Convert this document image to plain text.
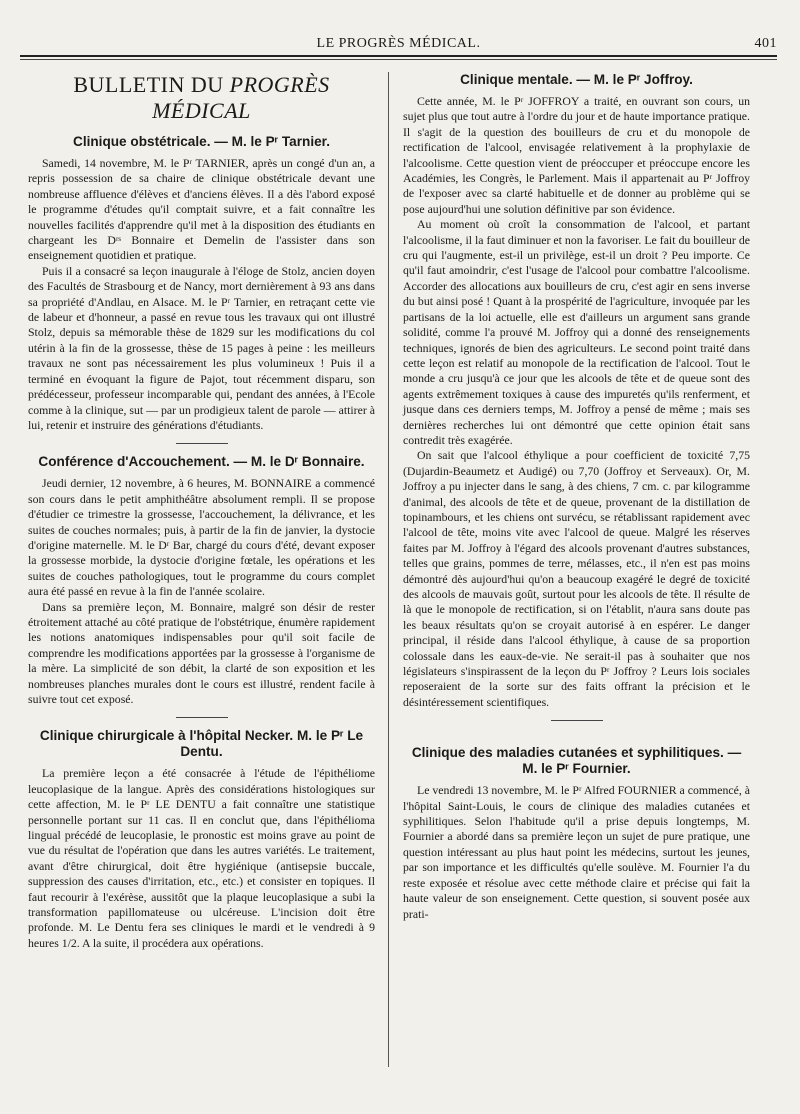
LE PROGRÈS MÉDICAL.	401
BULLETIN DU PROGRÈS MÉDICAL
Clinique obstétricale. — M. le Pʳ Tarnier.

Samedi, 14 novembre, M. le Pʳ TARNIER, après un congé d'un an, a repris possession de sa chaire de clinique obstétricale devant une nombreuse affluence d'élèves et d'anciens élèves. Il a dès l'abord exposé le programme d'études qu'il comptait suivre, et a fait connaître les nouvelles facilités d'apprendre qu'il met à la disposition des étudiants en chargeant les Dʳˢ Bonnaire et Demelin de l'assister dans son enseignement quotidien et pratique.

Puis il a consacré sa leçon inaugurale à l'éloge de Stolz, ancien doyen des Facultés de Strasbourg et de Nancy, mort dernièrement à 93 ans dans sa propriété d'Andlau, en Alsace. M. le Pʳ Tarnier, en retraçant cette vie de labeur et d'honneur, a passé en revue tous les travaux qui ont illustré Stolz, depuis sa mémorable thèse de 1829 sur les modifications du col utérin à la fin de la grossesse, thèse de 15 pages à peine : les meilleurs travaux ne sont pas nécessairement les plus volumineux ! Puis il a terminé en évoquant la figure de Pajot, tout récemment disparu, son prédécesseur, professeur incomparable qui, pendant des années, à l'Ecole comme à la clinique, sut — par un prodigieux talent de parole — attirer à lui, retenir et instruire des générations d'étudiants.

Conférence d'Accouchement. — M. le Dʳ Bonnaire.

Jeudi dernier, 12 novembre, à 6 heures, M. BONNAIRE a commencé son cours dans le petit amphithéâtre absolument rempli. Il se propose d'étudier ce trimestre la grossesse, l'accouchement, la délivrance, et les suites de couches normales; puis, à partir de la fin de janvier, la dystocie d'origine maternelle. M. le Dʳ Bar, chargé du cours d'été, devant exposer la grossesse morbide, la dystocie d'origine fœtale, les opérations et les suites de couches pathologiques, tout le programme du cours complet aura été passé en revue à la fin de l'année scolaire.

Dans sa première leçon, M. Bonnaire, malgré son désir de rester étroitement attaché au côté pratique de l'obstétrique, énumère rapidement les notions anatomiques indispensables pour qu'il soit facile de comprendre les modifications apportées par la grossesse à l'organisme de la mère. La simplicité de son débit, la clarté de son exposition et les nombreuses planches murales dont le cours est illustré, rendent facile à suivre tout cet exposé.

Clinique chirurgicale à l'hôpital Necker. M. le Pʳ Le Dentu.

La première leçon a été consacrée à l'étude de l'épithéliome leucoplasique de la langue. Après des considérations histologiques sur cette affection, M. le Pʳ LE DENTU a fait connaître une statistique personnelle portant sur 11 cas. Il en conclut que, dans l'épithélioma lingual précédé de leucoplasie, le pronostic est moins grave au point de vue du résultat de l'opération que dans les autres variétés. Le traitement, avant d'être chirurgical, doit être hygiénique (antisepsie buccale, suppression des causes d'irritation, etc., etc.) et consister en topiques. Il faut recourir à l'exérèse, aussitôt que la plaque leucoplasique a subi la transformation papillomateuse ou ulcéreuse. L'incision doit être profonde. M. Le Dentu fera ses cliniques le mardi et le vendredi à 9 heures 1/2. A la suite, il procédera aux opérations.

Clinique mentale. — M. le Pʳ Joffroy.

Cette année, M. le Pʳ JOFFROY a traité, en ouvrant son cours, un sujet plus que tout autre à l'ordre du jour et de haute importance pratique. Il s'agit de la question des bouilleurs de cru et du monopole de rectification de l'alcool, envisagée relativement à la prophylaxie de l'alcoolisme. Cette question vient de préoccuper et préoccupe encore les Académies, les Congrès, le Parlement. Mais il appartenait au Pʳ Joffroy de l'exposer avec sa clarté habituelle et de donner au problème qui se pose aujourd'hui une solution définitive par son évidence.

Au moment où croît la consommation de l'alcool, et partant l'alcoolisme, il la faut diminuer et non la favoriser. Le fait du bouilleur de cru qui l'augmente, est-il un privilège, est-il un droit ? Peu importe. Ce qu'il faut amoindrir, c'est l'usage de l'alcool pour combattre l'alcoolisme. Accorder des allocations aux bouilleurs de cru, c'est agir en sens inverse du but ainsi posé ! Quant à la prospérité de l'agriculture, invoquée par les partisans de la loi actuelle, elle est d'ailleurs un argument sans grande solidité, comme l'a prouvé M. Joffroy qui a donné des renseignements techniques, ignorés de bien des agriculteurs. Le second point traité dans cette leçon est relatif au monopole de la rectification de l'alcool. Tout le monde a cru jusqu'à ce jour que les alcools de tête et de queue sont des agents extrêmement toxiques à cause des impuretés qu'ils renferment, et jusque dans ces derniers temps, M. Joffroy a pensé de même ; mais ses dernières recherches lui ont démontré que cette opinion était sans contredit très exagérée.

On sait que l'alcool éthylique a pour coefficient de toxicité 7,75 (Dujardin-Beaumetz et Audigé) ou 7,70 (Joffroy et Serveaux). Or, M. Joffroy a pu injecter dans le sang, à des chiens, 7 cm. c. par kilogramme d'animal, des alcools de tête et de queue, provenant de la distillation de topinambours, et les chiens ont survécu, se rétablissant rapidement avec l'alcool de tête, moins vite avec l'alcool de queue. Malgré les réserves faites par M. Joffroy à l'égard des alcools provenant d'autres substances, telles que grains, pommes de terre, mélasses, etc., il n'en est pas moins démontré dès aujourd'hui qu'on a beaucoup exagéré le degré de toxicité des alcools de mauvais goût, surtout pour les alcools de tête. Il résulte de là que le monopole de rectification, si on l'établit, n'aura sans doute pas les beaux résultats qu'on se croyait autorisé à en espérer. Le danger principal, il réside dans l'alcool éthylique, à cause de sa proportion colossale dans les eaux-de-vie. Ne serait-il pas à souhaiter que nos législateurs s'inspirassent de la leçon du Pʳ Joffroy ? Leurs lois sociales reposeraient de la sorte sur des faits offrant la précision et le désintéressement scientifiques.

Clinique des maladies cutanées et syphilitiques. — M. le Pʳ Fournier.

Le vendredi 13 novembre, M. le Pʳ Alfred FOURNIER a commencé, à l'hôpital Saint-Louis, le cours de clinique des maladies cutanées et syphilitiques. Selon l'habitude qu'il a prise depuis longtemps, M. Fournier a abordé dans sa première leçon un sujet de pure pratique, une question intéressant au plus haut point les médecins, surtout les jeunes, par son importance et les difficultés qu'elle soulève. M. Fournier l'a du reste exposée et résolue avec cette méthode claire et précise qui fait la haute valeur de son enseignement. Cette question, si souvent posée aux prati-
